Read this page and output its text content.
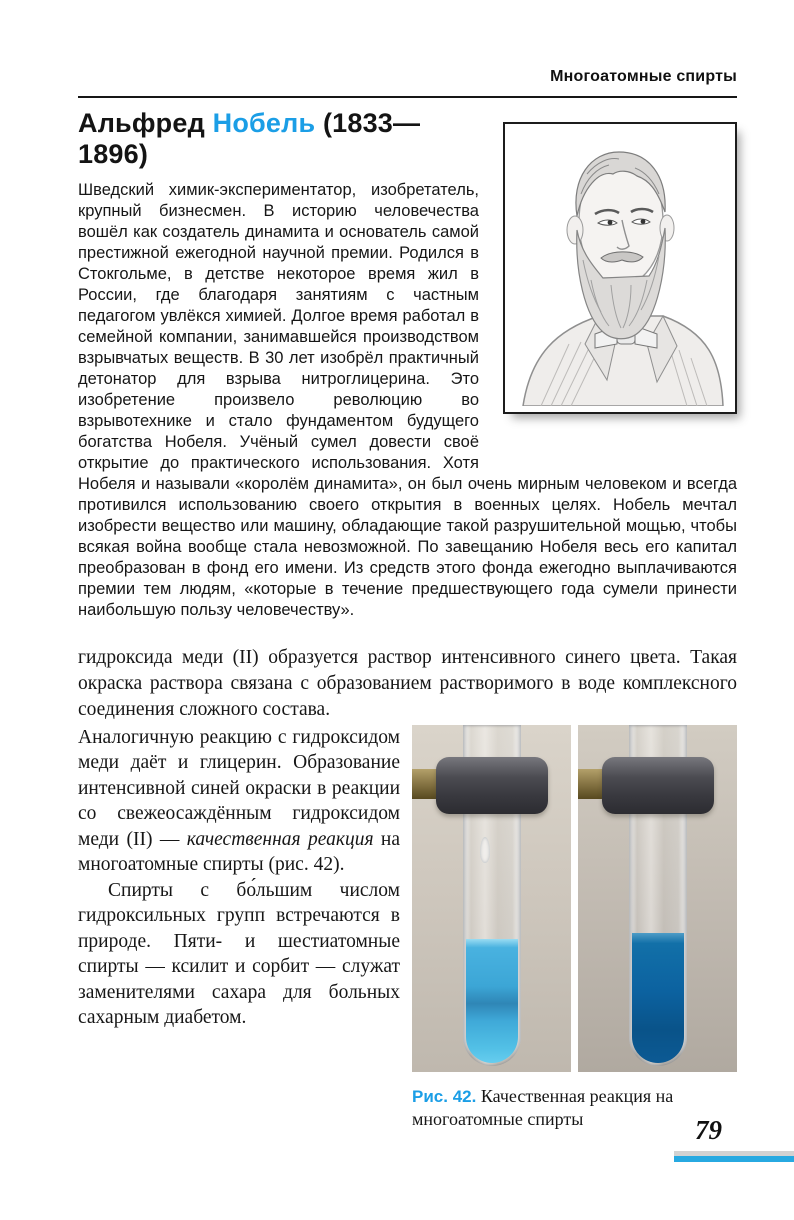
Многоатомные спирты
Альфред Нобель (1833—1896)

Шведский химик-экспериментатор, изобретатель, крупный бизнесмен. В историю человечества вошёл как создатель динамита и основатель самой престижной ежегодной научной премии. Родился в Стокгольме, в детстве некоторое время жил в России, где благодаря занятиям с частным педагогом увлёкся химией. Долгое время работал в семейной компании, занимавшейся производством взрывчатых веществ. В 30 лет изобрёл практичный детонатор для взрыва нитроглицерина. Это изобретение произвело революцию во взрывотехнике и стало фундаментом будущего богатства Нобеля. Учёный сумел довести своё открытие до практического использования. Хотя Нобеля и называли «королём динамита», он был очень мирным человеком и всегда противился использованию своего открытия в военных целях. Нобель мечтал изобрести вещество или машину, обладающие такой разрушительной мощью, чтобы всякая война вообще стала невозможной. По завещанию Нобеля весь его капитал преобразован в фонд его имени. Из средств этого фонда ежегодно выплачиваются премии тем людям, «которые в течение предшествующего года сумели принести наибольшую пользу человечеству».

гидроксида меди (II) образуется раствор интенсивного синего цвета. Такая окраска раствора связана с образованием растворимого в воде комплексного соединения сложного состава.

Аналогичную реакцию с гидроксидом меди даёт и глицерин. Образование интенсивной синей окраски в реакции со свежеосаждённым гидроксидом меди (II) — качественная реакция на многоатомные спирты (рис. 42).

Спирты с бо́льшим числом гидроксильных групп встречаются в природе. Пяти- и шестиатомные спирты — ксилит и сорбит — служат заменителями сахара для больных сахарным диабетом.

Рис. 42. Качественная реакция на многоатомные спирты	79
